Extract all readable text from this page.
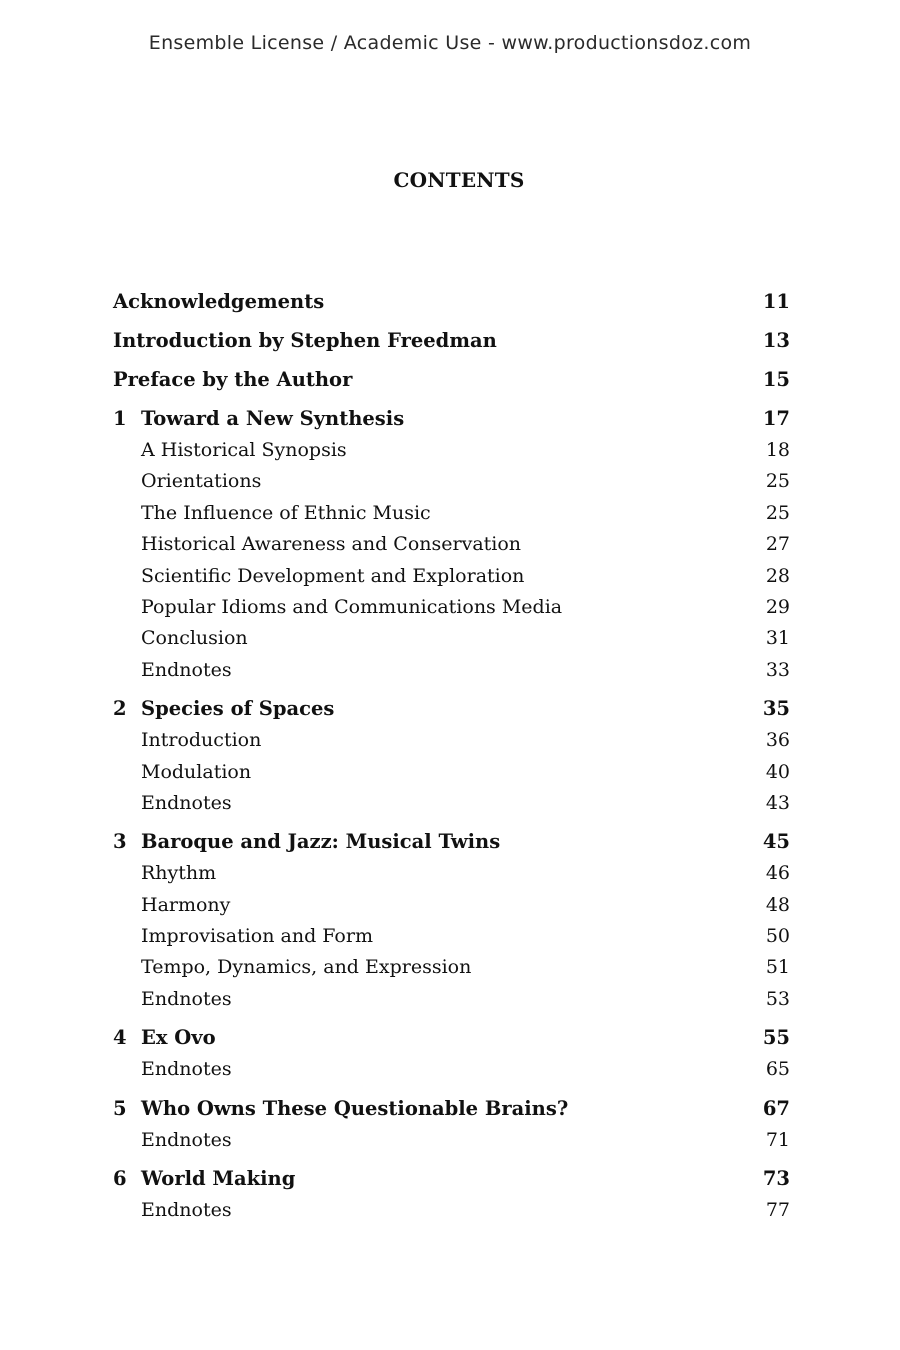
Ensemble License / Academic Use - www.productionsdoz.com
CONTENTS
Acknowledgements	11
Introduction by Stephen Freedman	13
Preface by the Author	15
1 Toward a New Synthesis	17
A Historical Synopsis	18
Orientations	25
The Influence of Ethnic Music	25
Historical Awareness and Conservation	27
Scientific Development and Exploration	28
Popular Idioms and Communications Media	29
Conclusion	31
Endnotes	33
2 Species of Spaces	35
Introduction	36
Modulation	40
Endnotes	43
3 Baroque and Jazz: Musical Twins	45
Rhythm	46
Harmony	48
Improvisation and Form	50
Tempo, Dynamics, and Expression	51
Endnotes	53
4 Ex Ovo	55
Endnotes	65
5 Who Owns These Questionable Brains?	67
Endnotes	71
6 World Making	73
Endnotes	77
